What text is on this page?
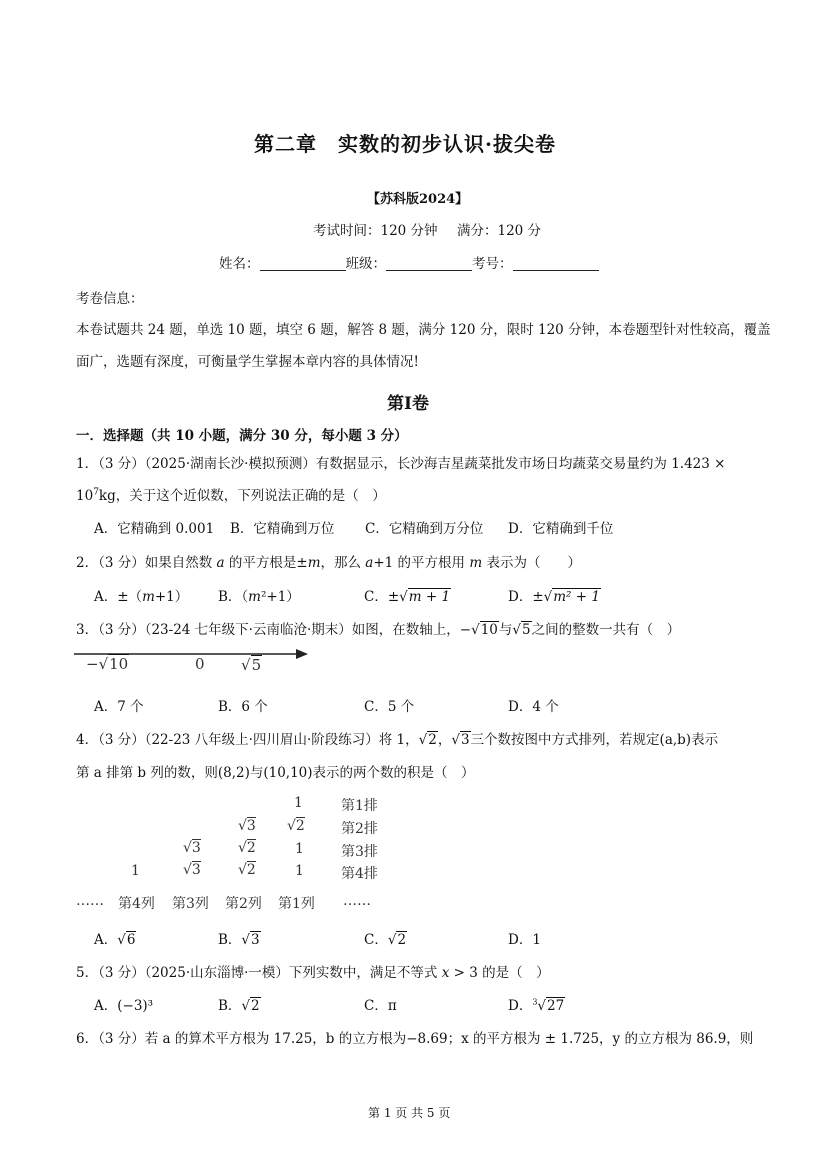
第二章　实数的初步认识·拔尖卷
【苏科版2024】
考试时间：120 分钟 满分：120 分
姓名：	班级：	考号：
考卷信息：
本卷试题共 24 题，单选 10 题，填空 6 题，解答 8 题，满分 120 分，限时 120 分钟，本卷题型针对性较高，覆盖
面广，选题有深度，可衡量学生掌握本章内容的具体情况!
第Ⅰ卷
一．选择题（共 10 小题，满分 30 分，每小题 3 分）
1．（3 分）（2025·湖南长沙·模拟预测）有数据显示，长沙海吉星蔬菜批发市场日均蔬菜交易量约为 1.423 ×
$10^7kg$，关于这个近似数，下列说法正确的是（　）
A．它精确到 0.001 B．它精确到万位 C．它精确到万分位 D．它精确到千位
2．（3 分）如果自然数 a 的平方根是±m，那么 a+1 的平方根用 m 表示为（　　）
A．±（m+1） B．（m²+1）	C．±√m + 1	D．±√m² + 1
3．（3 分）（23-24 七年级下·云南临沧·期末）如图，在数轴上，−√10与√5之间的整数一共有（　）
−√10	0 √5
A．7 个	B．6 个	C．5 个	D．4 个
4．（3 分）（22-23 八年级上·四川眉山·阶段练习）将 1，√2，√3三个数按图中方式排列，若规定(a,b)表示
第 a 排第 b 列的数，则(8,2)与(10,10)表示的两个数的积是（　）
1	第1排
√3 √2	第2排
√3	√2	1	第3排
1	√3	√2	1	第4排
…… 第4列 第3列 第2列 第1列 ……
A．√6	B．√3	C．√2	D．1
5．（3 分）（2025·山东淄博·一模）下列实数中，满足不等式 x > 3 的是（　）
A．(−3)³	B．√2	C．π	D．$^3$√27
6．（3 分）若 a 的算术平方根为 17.25，b 的立方根为−8.69；x 的平方根为 ± 1.725，y 的立方根为 86.9，则
第 1 页 共 5 页
